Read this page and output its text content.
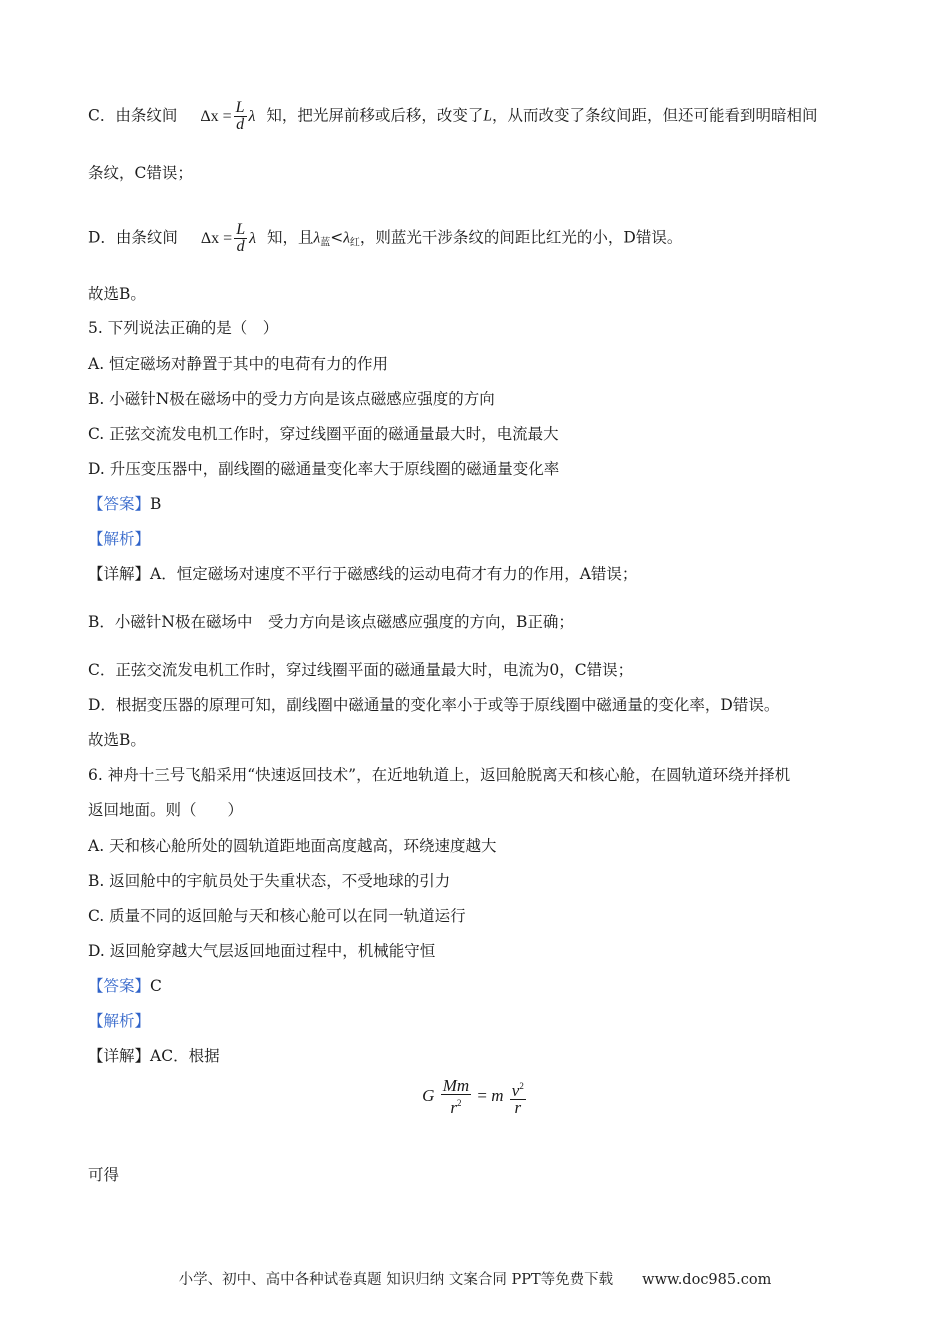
C．由条纹间 $\Delta x = \frac{L}{d}$ λ 知，把光屏前移或后移，改变了L，从而改变了条纹间距，但还可能看到明暗相间
条纹，C错误；
D．由条纹间 $\Delta x = \frac{L}{d}$ λ 知，且$\lambda_蓝<\lambda_红$，则蓝光干涉条纹的间距比红光的小，D错误。
故选B。
5. 下列说法正确的是（　）
A. 恒定磁场对静置于其中的电荷有力的作用
B. 小磁针N极在磁场中的受力方向是该点磁感应强度的方向
C. 正弦交流发电机工作时，穿过线圈平面的磁通量最大时，电流最大
D. 升压变压器中，副线圈的磁通量变化率大于原线圈的磁通量变化率
【答案】B
【解析】
【详解】A．恒定磁场对速度不平行于磁感线的运动电荷才有力的作用，A错误；
B．小磁针N极在磁场中　受力方向是该点磁感应强度的方向，B正确；
C．正弦交流发电机工作时，穿过线圈平面的磁通量最大时，电流为0，C错误；
D．根据变压器的原理可知，副线圈中磁通量的变化率小于或等于原线圈中磁通量的变化率，D错误。
故选B。
6. 神舟十三号飞船采用“快速返回技术”，在近地轨道上，返回舱脱离天和核心舱，在圆轨道环绕并择机
返回地面。则（　　）
A. 天和核心舱所处的圆轨道距地面高度越高，环绕速度越大
B. 返回舱中的宇航员处于失重状态，不受地球的引力
C. 质量不同的返回舱与天和核心舱可以在同一轨道运行
D. 返回舱穿越大气层返回地面过程中，机械能守恒
【答案】C
【解析】
【详解】AC．根据
G $\frac{Mm}{r^2} = m \frac{v^2}{r}$
可得
小学、初中、高中各种试卷真题 知识归纳 文案合同 PPT等免费下载　　www.doc985.com
